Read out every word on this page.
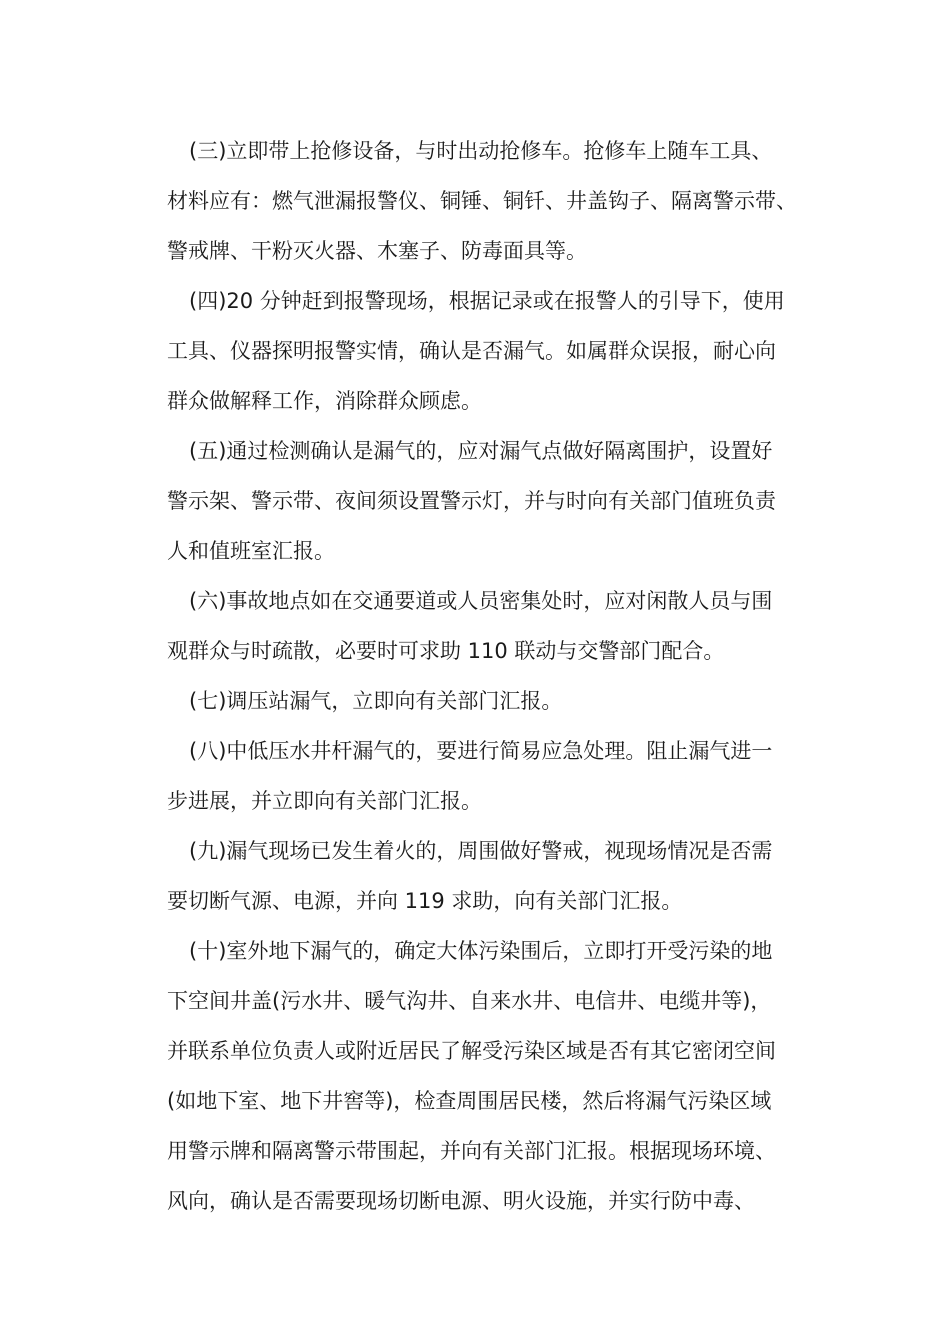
(三)立即带上抢修设备，与时出动抢修车。抢修车上随车工具、
材料应有：燃气泄漏报警仪、铜锤、铜钎、井盖钩子、隔离警示带、
警戒牌、干粉灭火器、木塞子、防毒面具等。
(四)20 分钟赶到报警现场，根据记录或在报警人的引导下，使用
工具、仪器探明报警实情，确认是否漏气。如属群众误报，耐心向
群众做解释工作，消除群众顾虑。
(五)通过检测确认是漏气的，应对漏气点做好隔离围护，设置好
警示架、警示带、夜间须设置警示灯，并与时向有关部门值班负责
人和值班室汇报。
(六)事故地点如在交通要道或人员密集处时，应对闲散人员与围
观群众与时疏散，必要时可求助 110 联动与交警部门配合。
(七)调压站漏气，立即向有关部门汇报。
(八)中低压水井杆漏气的，要进行简易应急处理。阻止漏气进一
步进展，并立即向有关部门汇报。
(九)漏气现场已发生着火的，周围做好警戒，视现场情况是否需
要切断气源、电源，并向 119 求助，向有关部门汇报。
(十)室外地下漏气的，确定大体污染围后，立即打开受污染的地
下空间井盖(污水井、暖气沟井、自来水井、电信井、电缆井等)，
并联系单位负责人或附近居民了解受污染区域是否有其它密闭空间
(如地下室、地下井窖等)，检查周围居民楼，然后将漏气污染区域
用警示牌和隔离警示带围起，并向有关部门汇报。根据现场环境、
风向，确认是否需要现场切断电源、明火设施，并实行防中毒、
